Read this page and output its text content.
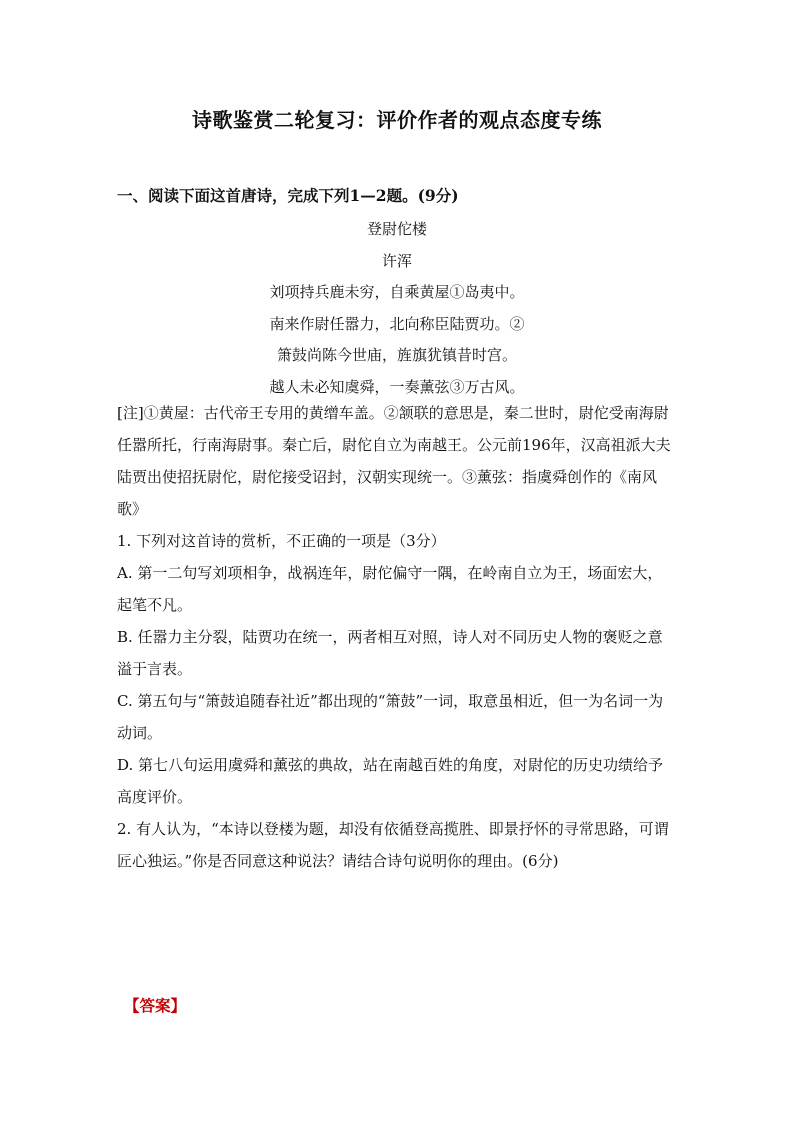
诗歌鉴赏二轮复习：评价作者的观点态度专练
一、阅读下面这首唐诗，完成下列1—2题。(9分)
登尉佗楼
许浑
刘项持兵鹿未穷，自乘黄屋①岛夷中。
南来作尉任嚣力，北向称臣陆贾功。②
箫鼓尚陈今世庙，旌旗犹镇昔时宫。
越人未必知虞舜，一奏薰弦③万古风。

[注]①黄屋：古代帝王专用的黄缯车盖。②颔联的意思是，秦二世时，尉佗受南海尉任嚣所托，行南海尉事。秦亡后，尉佗自立为南越王。公元前196年，汉高祖派大夫陆贾出使招抚尉佗，尉佗接受诏封，汉朝实现统一。③薰弦：指虞舜创作的《南风歌》

1. 下列对这首诗的赏析，不正确的一项是（3分）

A. 第一二句写刘项相争，战祸连年，尉佗偏守一隅，在岭南自立为王，场面宏大，起笔不凡。

B. 任嚣力主分裂，陆贾功在统一，两者相互对照，诗人对不同历史人物的褒贬之意溢于言表。

C. 第五句与“箫鼓追随春社近”都出现的“箫鼓”一词，取意虽相近，但一为名词一为动词。

D. 第七八句运用虞舜和薰弦的典故，站在南越百姓的角度，对尉佗的历史功绩给予高度评价。

2. 有人认为，“本诗以登楼为题，却没有依循登高揽胜、即景抒怀的寻常思路，可谓匠心独运。”你是否同意这种说法？请结合诗句说明你的理由。(6分)

【答案】
